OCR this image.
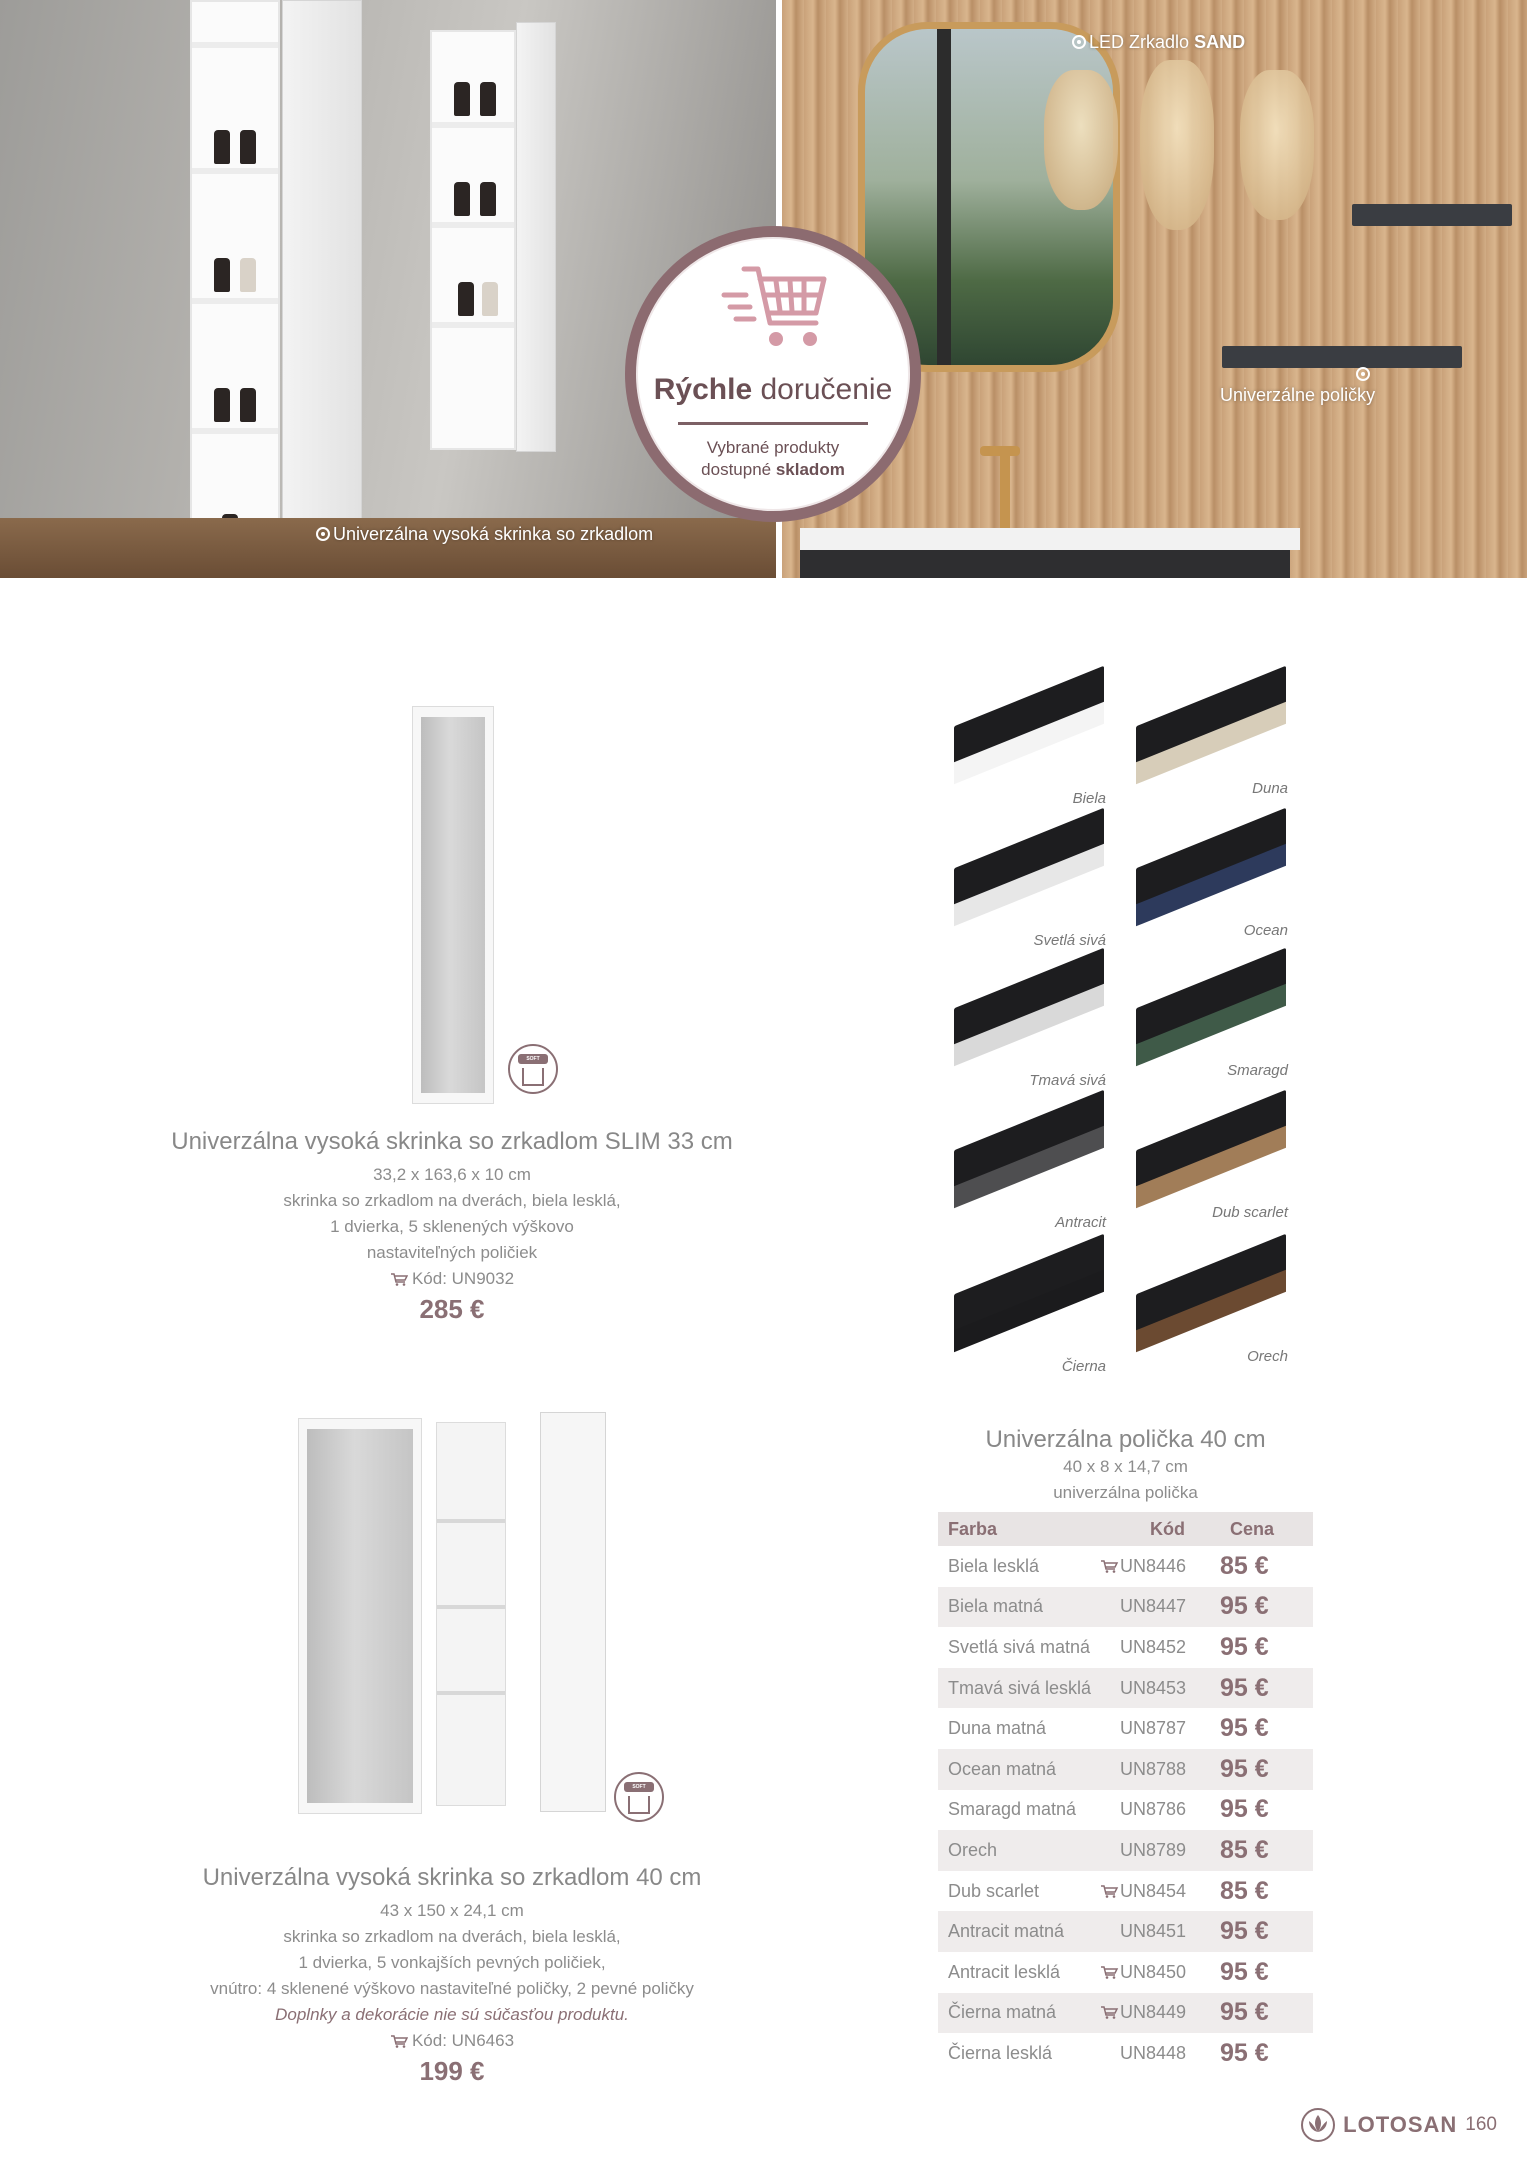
Univerzálna vysoká skrinka so zrkadlom
LED Zrkadlo SAND
Univerzálne poličky
Rýchle doručenie
Vybrané produkty
dostupné skladom
SOFT CLOSE
Univerzálna vysoká skrinka so zrkadlom SLIM 33 cm
33,2 x 163,6 x 10 cm
skrinka so zrkadlom na dverách, biela lesklá,
1 dvierka, 5 sklenených výškovo
nastaviteľných poličiek
Kód: UN9032
285 €
Biela
Duna
Svetlá sivá
Ocean
Tmavá sivá
Smaragd
Antracit
Dub scarlet
Čierna
Orech
SOFT CLOSE
Univerzálna vysoká skrinka so zrkadlom 40 cm
43 x 150 x 24,1 cm
skrinka so zrkadlom na dverách, biela lesklá,
1 dvierka, 5 vonkajších pevných poličiek,
vnútro: 4 sklenené výškovo nastaviteľné poličky, 2 pevné poličky
Doplnky a dekorácie nie sú súčasťou produktu.
Kód: UN6463
199 €
Univerzálna polička 40 cm
40 x 8 x 14,7 cm
univerzálna polička
Farba	Kód	Cena
Biela lesklá	UN8446	85 €
Biela matná	UN8447	95 €
Svetlá sivá matná	UN8452	95 €
Tmavá sivá lesklá	UN8453	95 €
Duna matná	UN8787	95 €
Ocean matná	UN8788	95 €
Smaragd matná	UN8786	95 €
Orech	UN8789	85 €
Dub scarlet	UN8454	85 €
Antracit matná	UN8451	95 €
Antracit lesklá	UN8450	95 €
Čierna matná	UN8449	95 €
Čierna lesklá	UN8448	95 €
LOTOSAN 160
